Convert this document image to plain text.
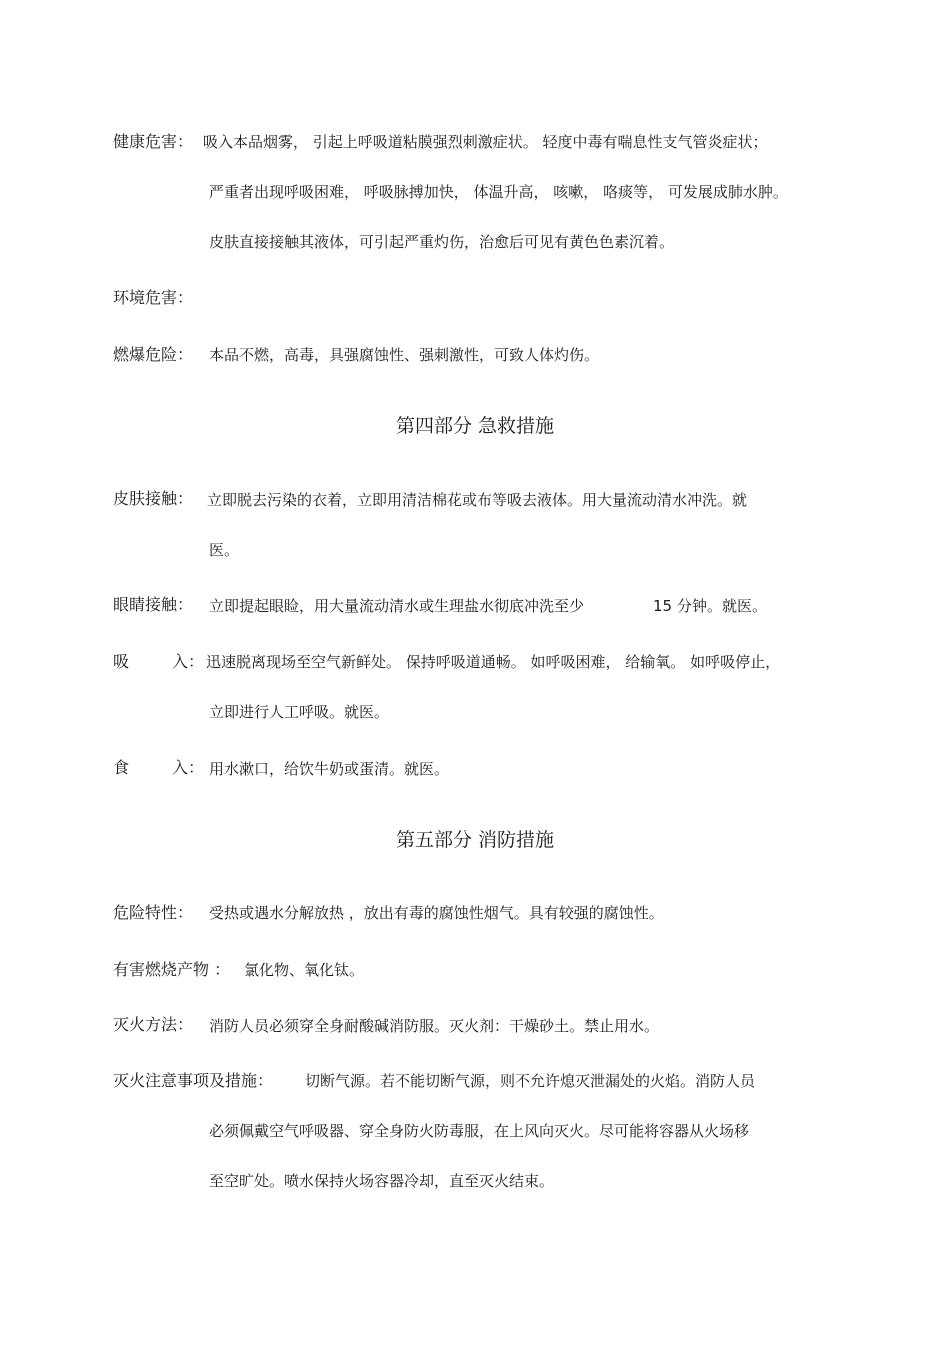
健康危害： 吸入本品烟雾， 引起上呼吸道粘膜强烈刺激症状。 轻度中毒有喘息性支气管炎症状；
严重者出现呼吸困难， 呼吸脉搏加快， 体温升高， 咳嗽， 咯痰等， 可发展成肺水肿。
皮肤直接接触其液体，可引起严重灼伤，治愈后可见有黄色色素沉着。
环境危害：
燃爆危险： 本品不燃，高毒，具强腐蚀性、强刺激性，可致人体灼伤。
第四部分 急救措施
皮肤接触： 立即脱去污染的衣着，立即用清洁棉花或布等吸去液体。用大量流动清水冲洗。就
医。
眼睛接触： 立即提起眼睑，用大量流动清水或生理盐水彻底冲洗至少	15 分钟。就医。
吸	入： 迅速脱离现场至空气新鲜处。 保持呼吸道通畅。 如呼吸困难， 给输氧。 如呼吸停止，
立即进行人工呼吸。就医。
食	入： 用水漱口，给饮牛奶或蛋清。就医。
第五部分 消防措施
危险特性： 受热或遇水分解放热 ，放出有毒的腐蚀性烟气。具有较强的腐蚀性。
有害燃烧产物 ： 氯化物、氧化钛。
灭火方法： 消防人员必须穿全身耐酸碱消防服。灭火剂：干燥砂土。禁止用水。
灭火注意事项及措施： 切断气源。若不能切断气源，则不允许熄灭泄漏处的火焰。消防人员
必须佩戴空气呼吸器、穿全身防火防毒服，在上风向灭火。尽可能将容器从火场移
至空旷处。喷水保持火场容器冷却，直至灭火结束。
